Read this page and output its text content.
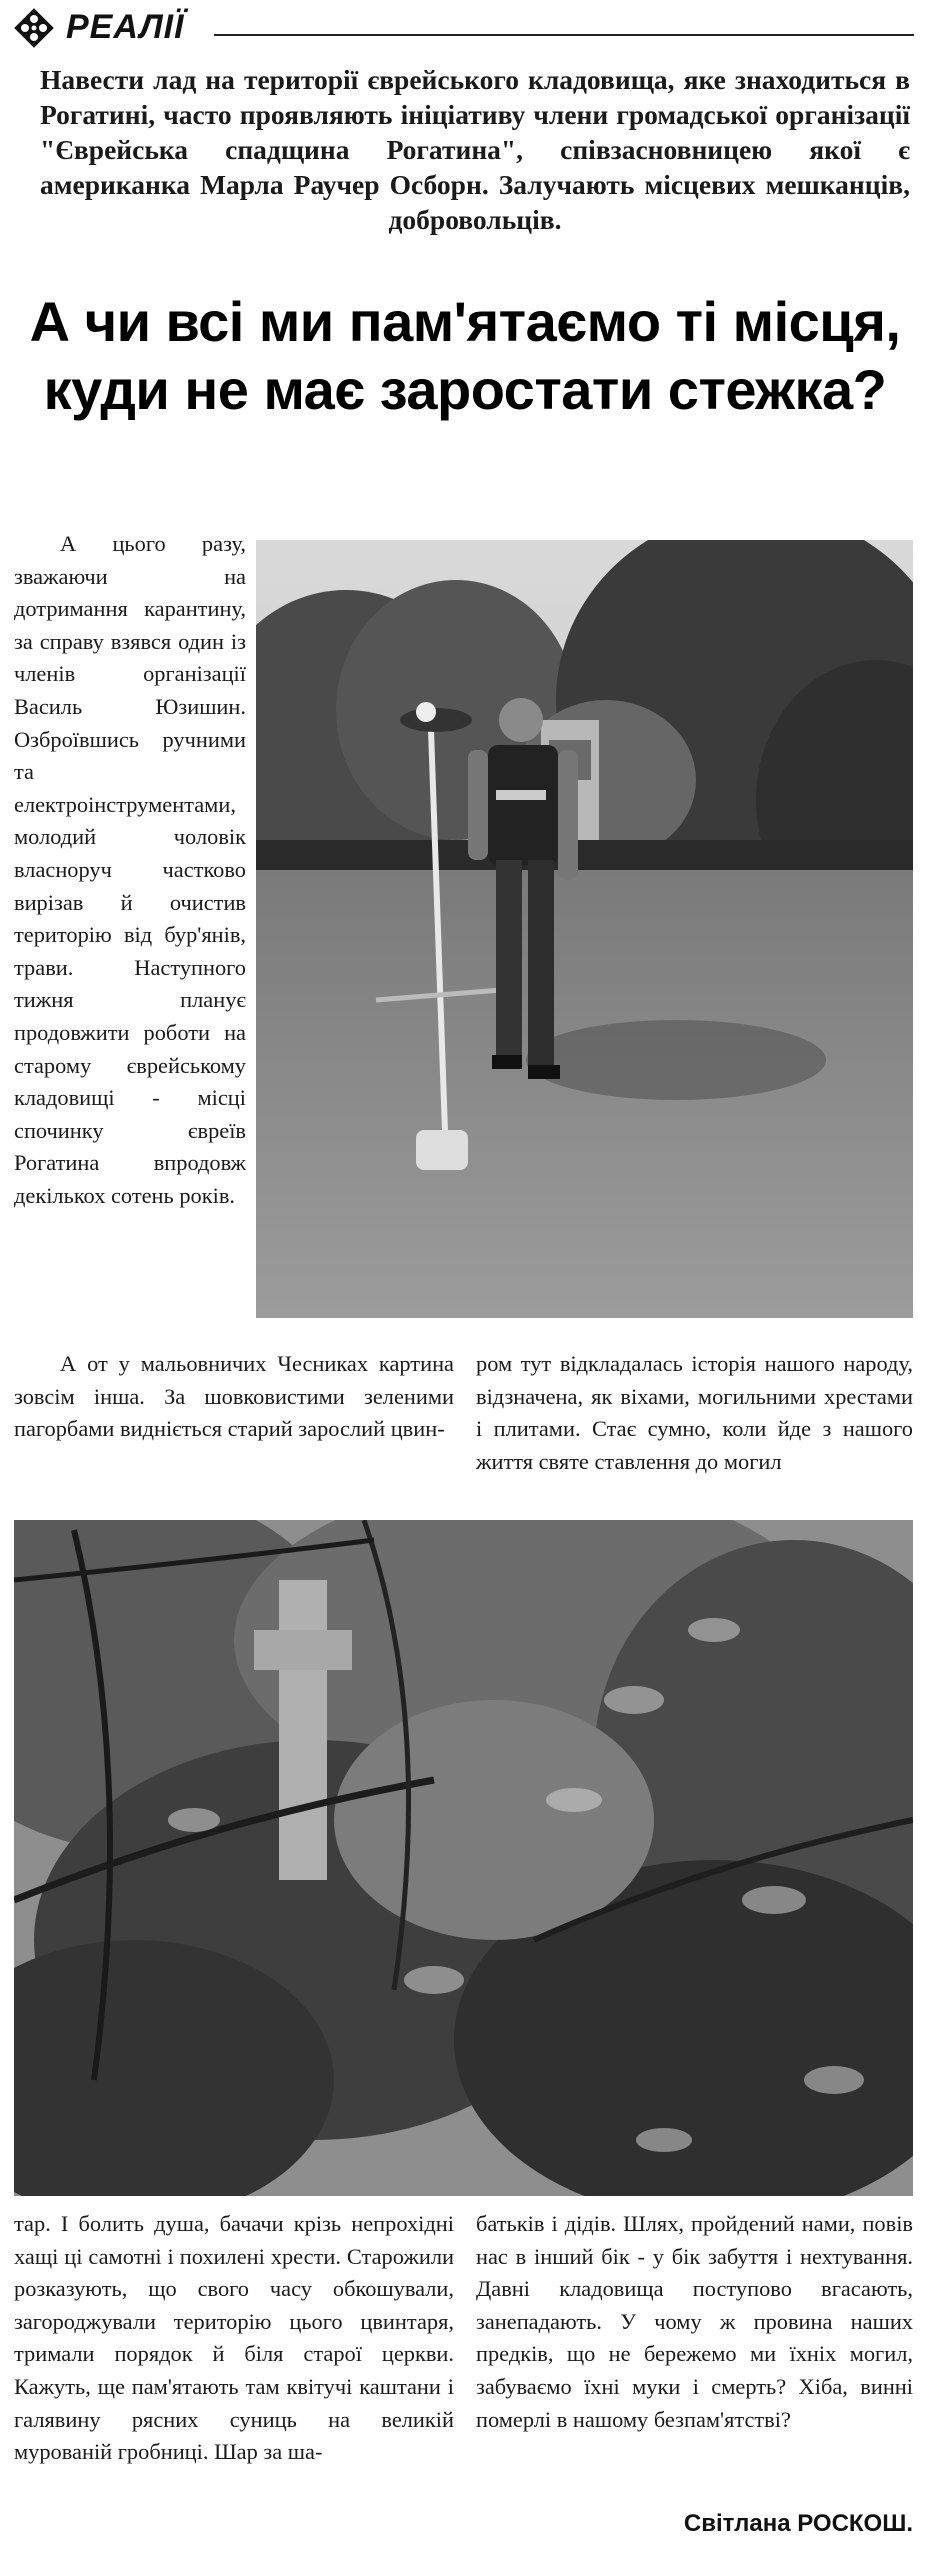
РЕАЛІЇ
Навести лад на території єврейського кладовища, яке знаходиться в Рогатині, часто проявляють ініціативу члени громадської організації "Єврейська спадщина Рогатина", співзасновницею якої є американка Марла Раучер Осборн. Залучають місцевих мешканців, добровольців.
А чи всі ми пам'ятаємо ті місця, куди не має заростати стежка?

А цього разу, зважаючи на дотримання карантину, за справу взявся один із членів організації Василь Юзишин. Озброївшись ручними та електроінструментами, молодий чоловік власноруч частково вирізав й очистив територію від бур'янів, трави. Наступного тижня планує продовжити роботи на старому єврейському кладовищі - місці спочинку євреїв Рогатина впродовж декількох сотень років.

А от у мальовничих Чесниках картина зовсім інша. За шовковистими зеленими пагорбами видніється старий зарослий цвин-

ром тут відкладалась історія нашого народу, відзначена, як віхами, могильними хрестами і плитами. Стає сумно, коли йде з нашого життя святе ставлення до могил

тар. І болить душа, бачачи крізь непрохідні хащі ці самотні і похилені хрести. Старожили розказують, що свого часу обкошували, загороджували територію цього цвинтаря, тримали порядок й біля старої церкви. Кажуть, ще пам'ятають там квітучі каштани і галявину рясних суниць на великій мурованій гробниці. Шар за ша-

батьків і дідів. Шлях, пройдений нами, повів нас в інший бік - у бік забуття і нехтування. Давні кладовища поступово вгасають, занепадають. У чому ж провина наших предків, що не бережемо ми їхніх могил, забуваємо їхні муки і смерть? Хіба, винні померлі в нашому безпам'ятстві?

Світлана РОСКОШ.
